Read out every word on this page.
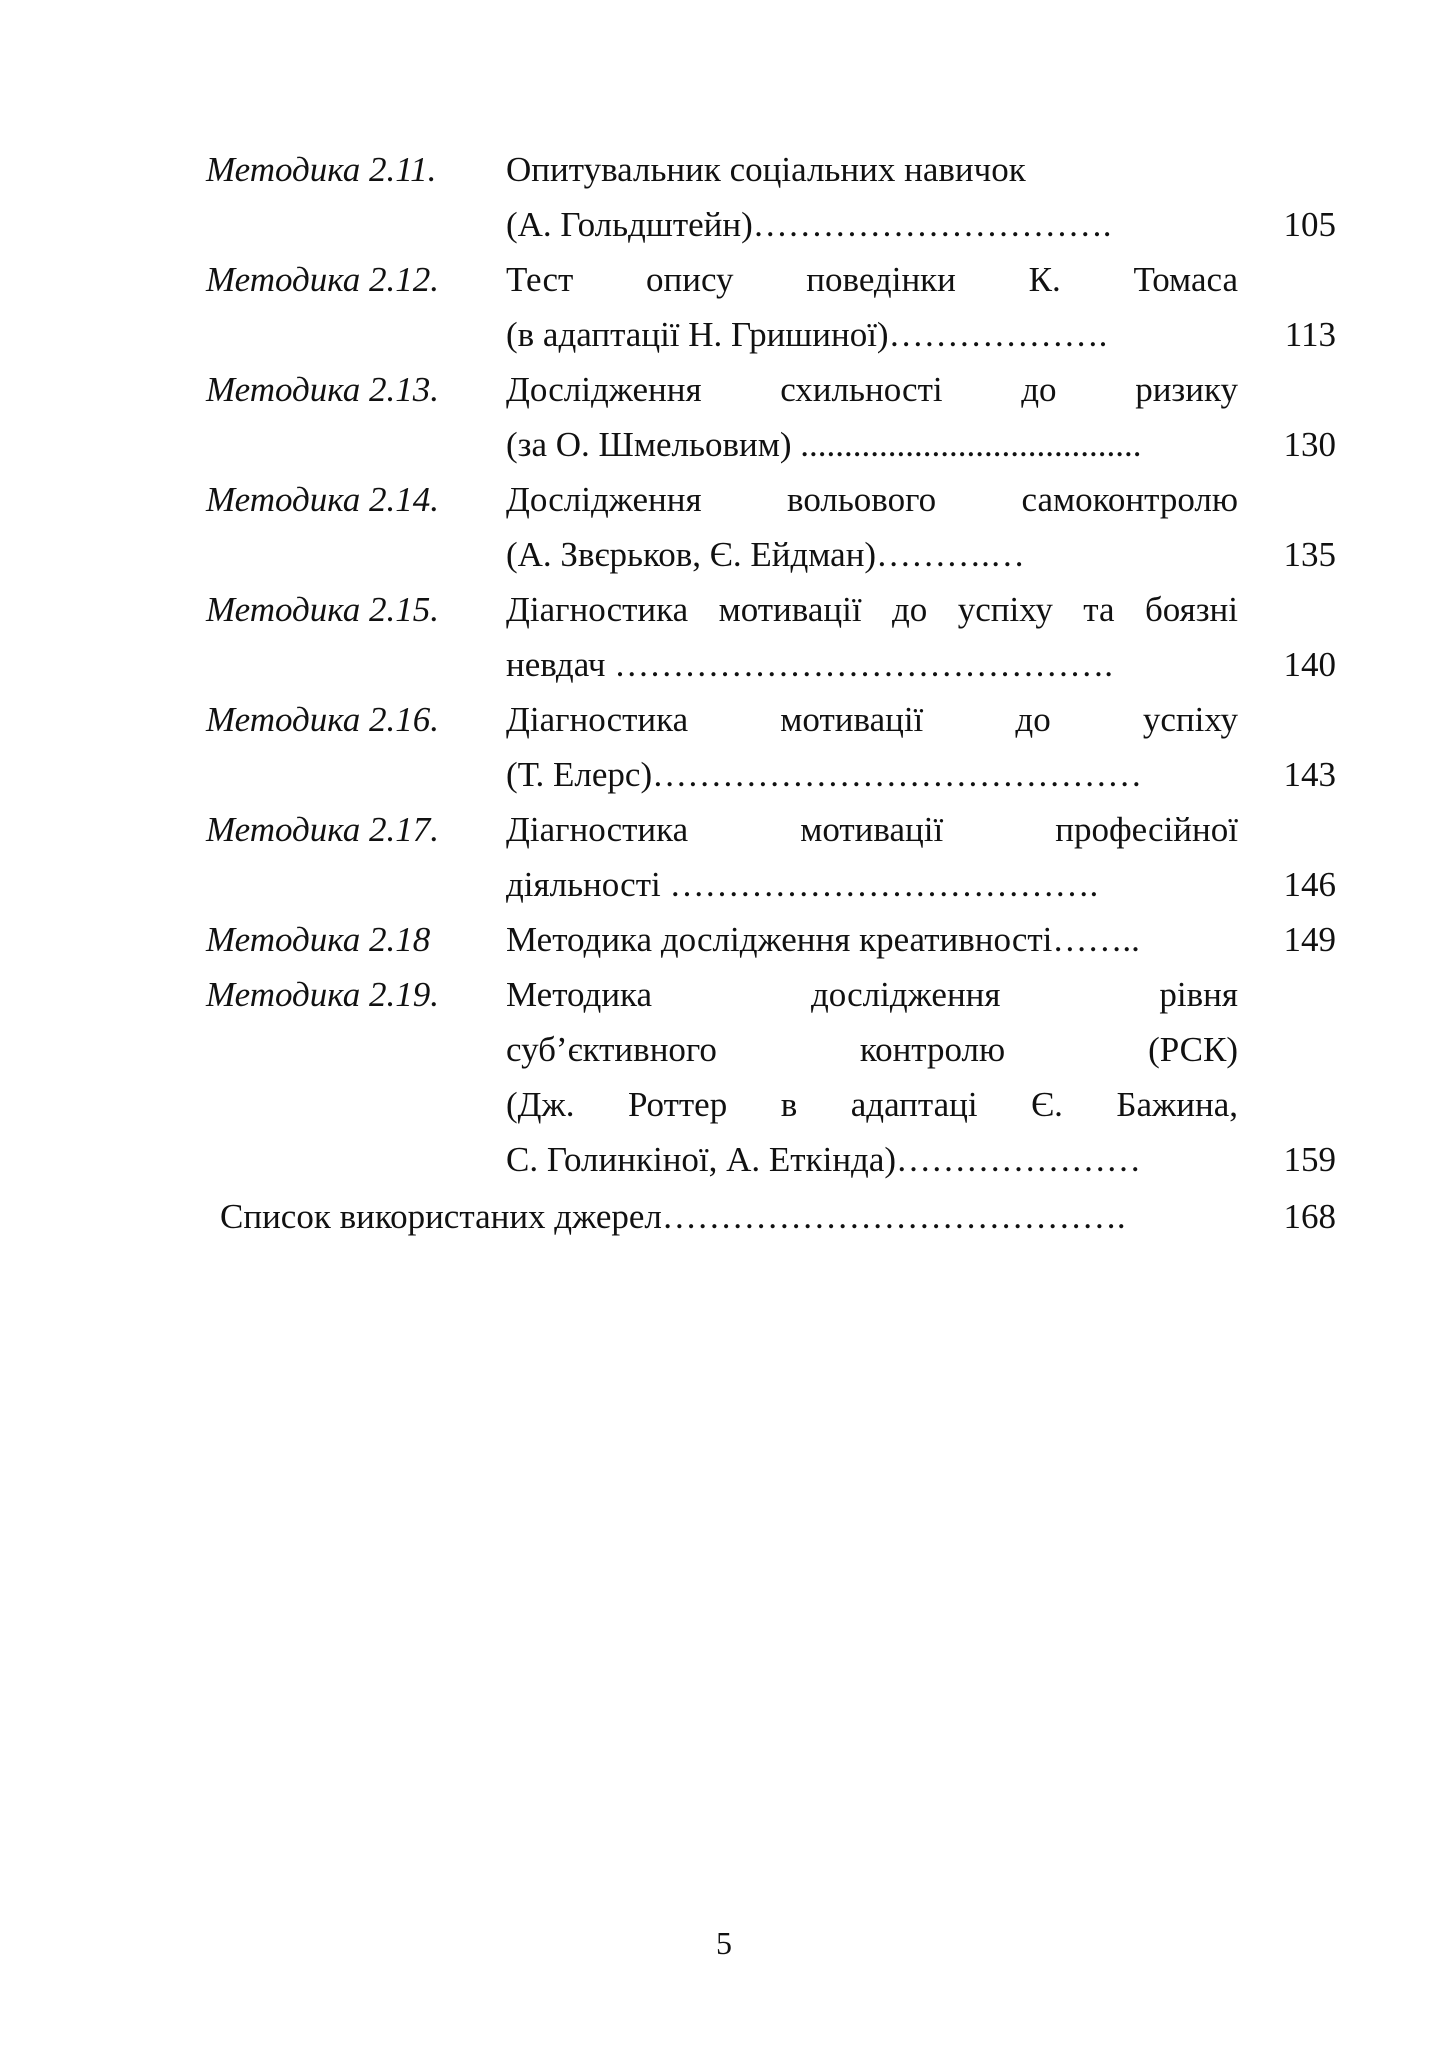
Методика 2.11.	Опитувальник соціальних навичок
(А. Гольдштейн)………………………….	105
Методика 2.12.	Тест опису поведінки К. Томаса
(в адаптації Н. Гришиної)……………….	113
Методика 2.13.	Дослідження схильності до ризику
(за О. Шмельовим) .......................................	130
Методика 2.14.	Дослідження вольового самоконтролю
(А. Звєрьков, Є. Ейдман)……….…	135
Методика 2.15.	Діагностика мотивації до успіху та боязні
невдач …………………………………….	140
Методика 2.16.	Діагностика мотивації до успіху
(Т. Елерс)……………………………………	143
Методика 2.17.	Діагностика мотивації професійної
діяльності ……………………………….	146
Методика 2.18	Методика дослідження креативності……..	149
Методика 2.19.	Методика дослідження рівня
суб’єктивного контролю (РСК)
(Дж. Роттер в адаптаці Є. Бажина,
С. Голинкіної, А. Еткінда)…………………	159
Список використаних джерел………………………………….	168
5
